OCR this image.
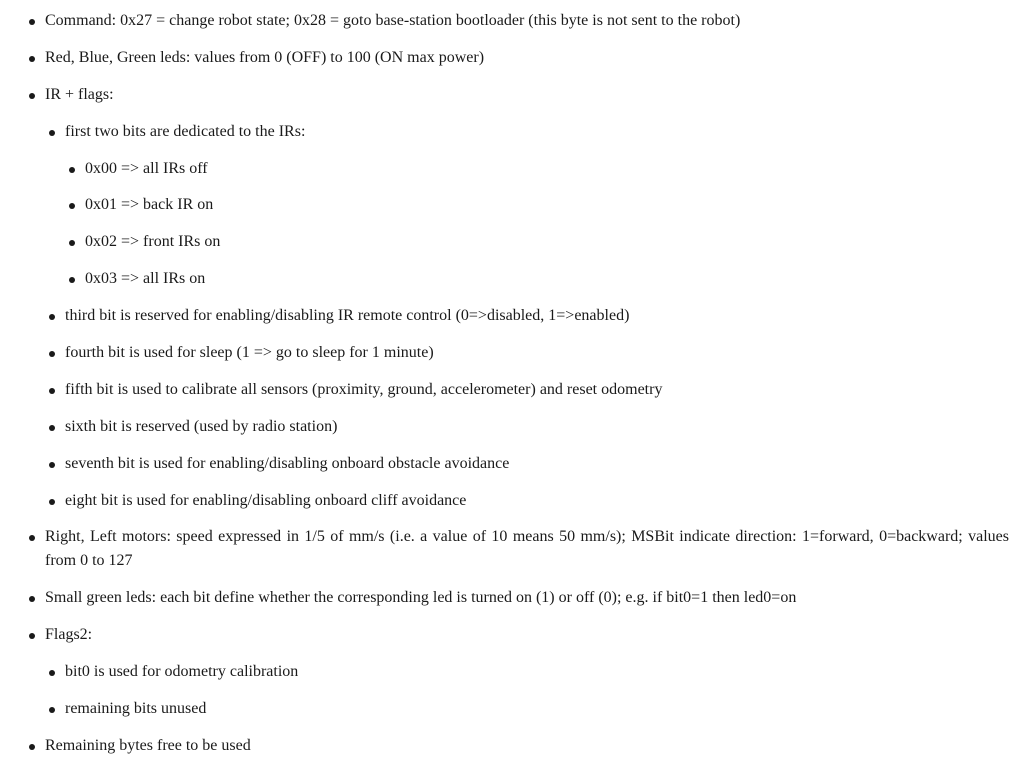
Command: 0x27 = change robot state; 0x28 = goto base-station bootloader (this byte is not sent to the robot)
Red, Blue, Green leds: values from 0 (OFF) to 100 (ON max power)
IR + flags:
first two bits are dedicated to the IRs:
0x00 => all IRs off
0x01 => back IR on
0x02 => front IRs on
0x03 => all IRs on
third bit is reserved for enabling/disabling IR remote control (0=>disabled, 1=>enabled)
fourth bit is used for sleep (1 => go to sleep for 1 minute)
fifth bit is used to calibrate all sensors (proximity, ground, accelerometer) and reset odometry
sixth bit is reserved (used by radio station)
seventh bit is used for enabling/disabling onboard obstacle avoidance
eight bit is used for enabling/disabling onboard cliff avoidance
Right, Left motors: speed expressed in 1/5 of mm/s (i.e. a value of 10 means 50 mm/s); MSBit indicate direction: 1=forward, 0=backward; values from 0 to 127
Small green leds: each bit define whether the corresponding led is turned on (1) or off (0); e.g. if bit0=1 then led0=on
Flags2:
bit0 is used for odometry calibration
remaining bits unused
Remaining bytes free to be used
